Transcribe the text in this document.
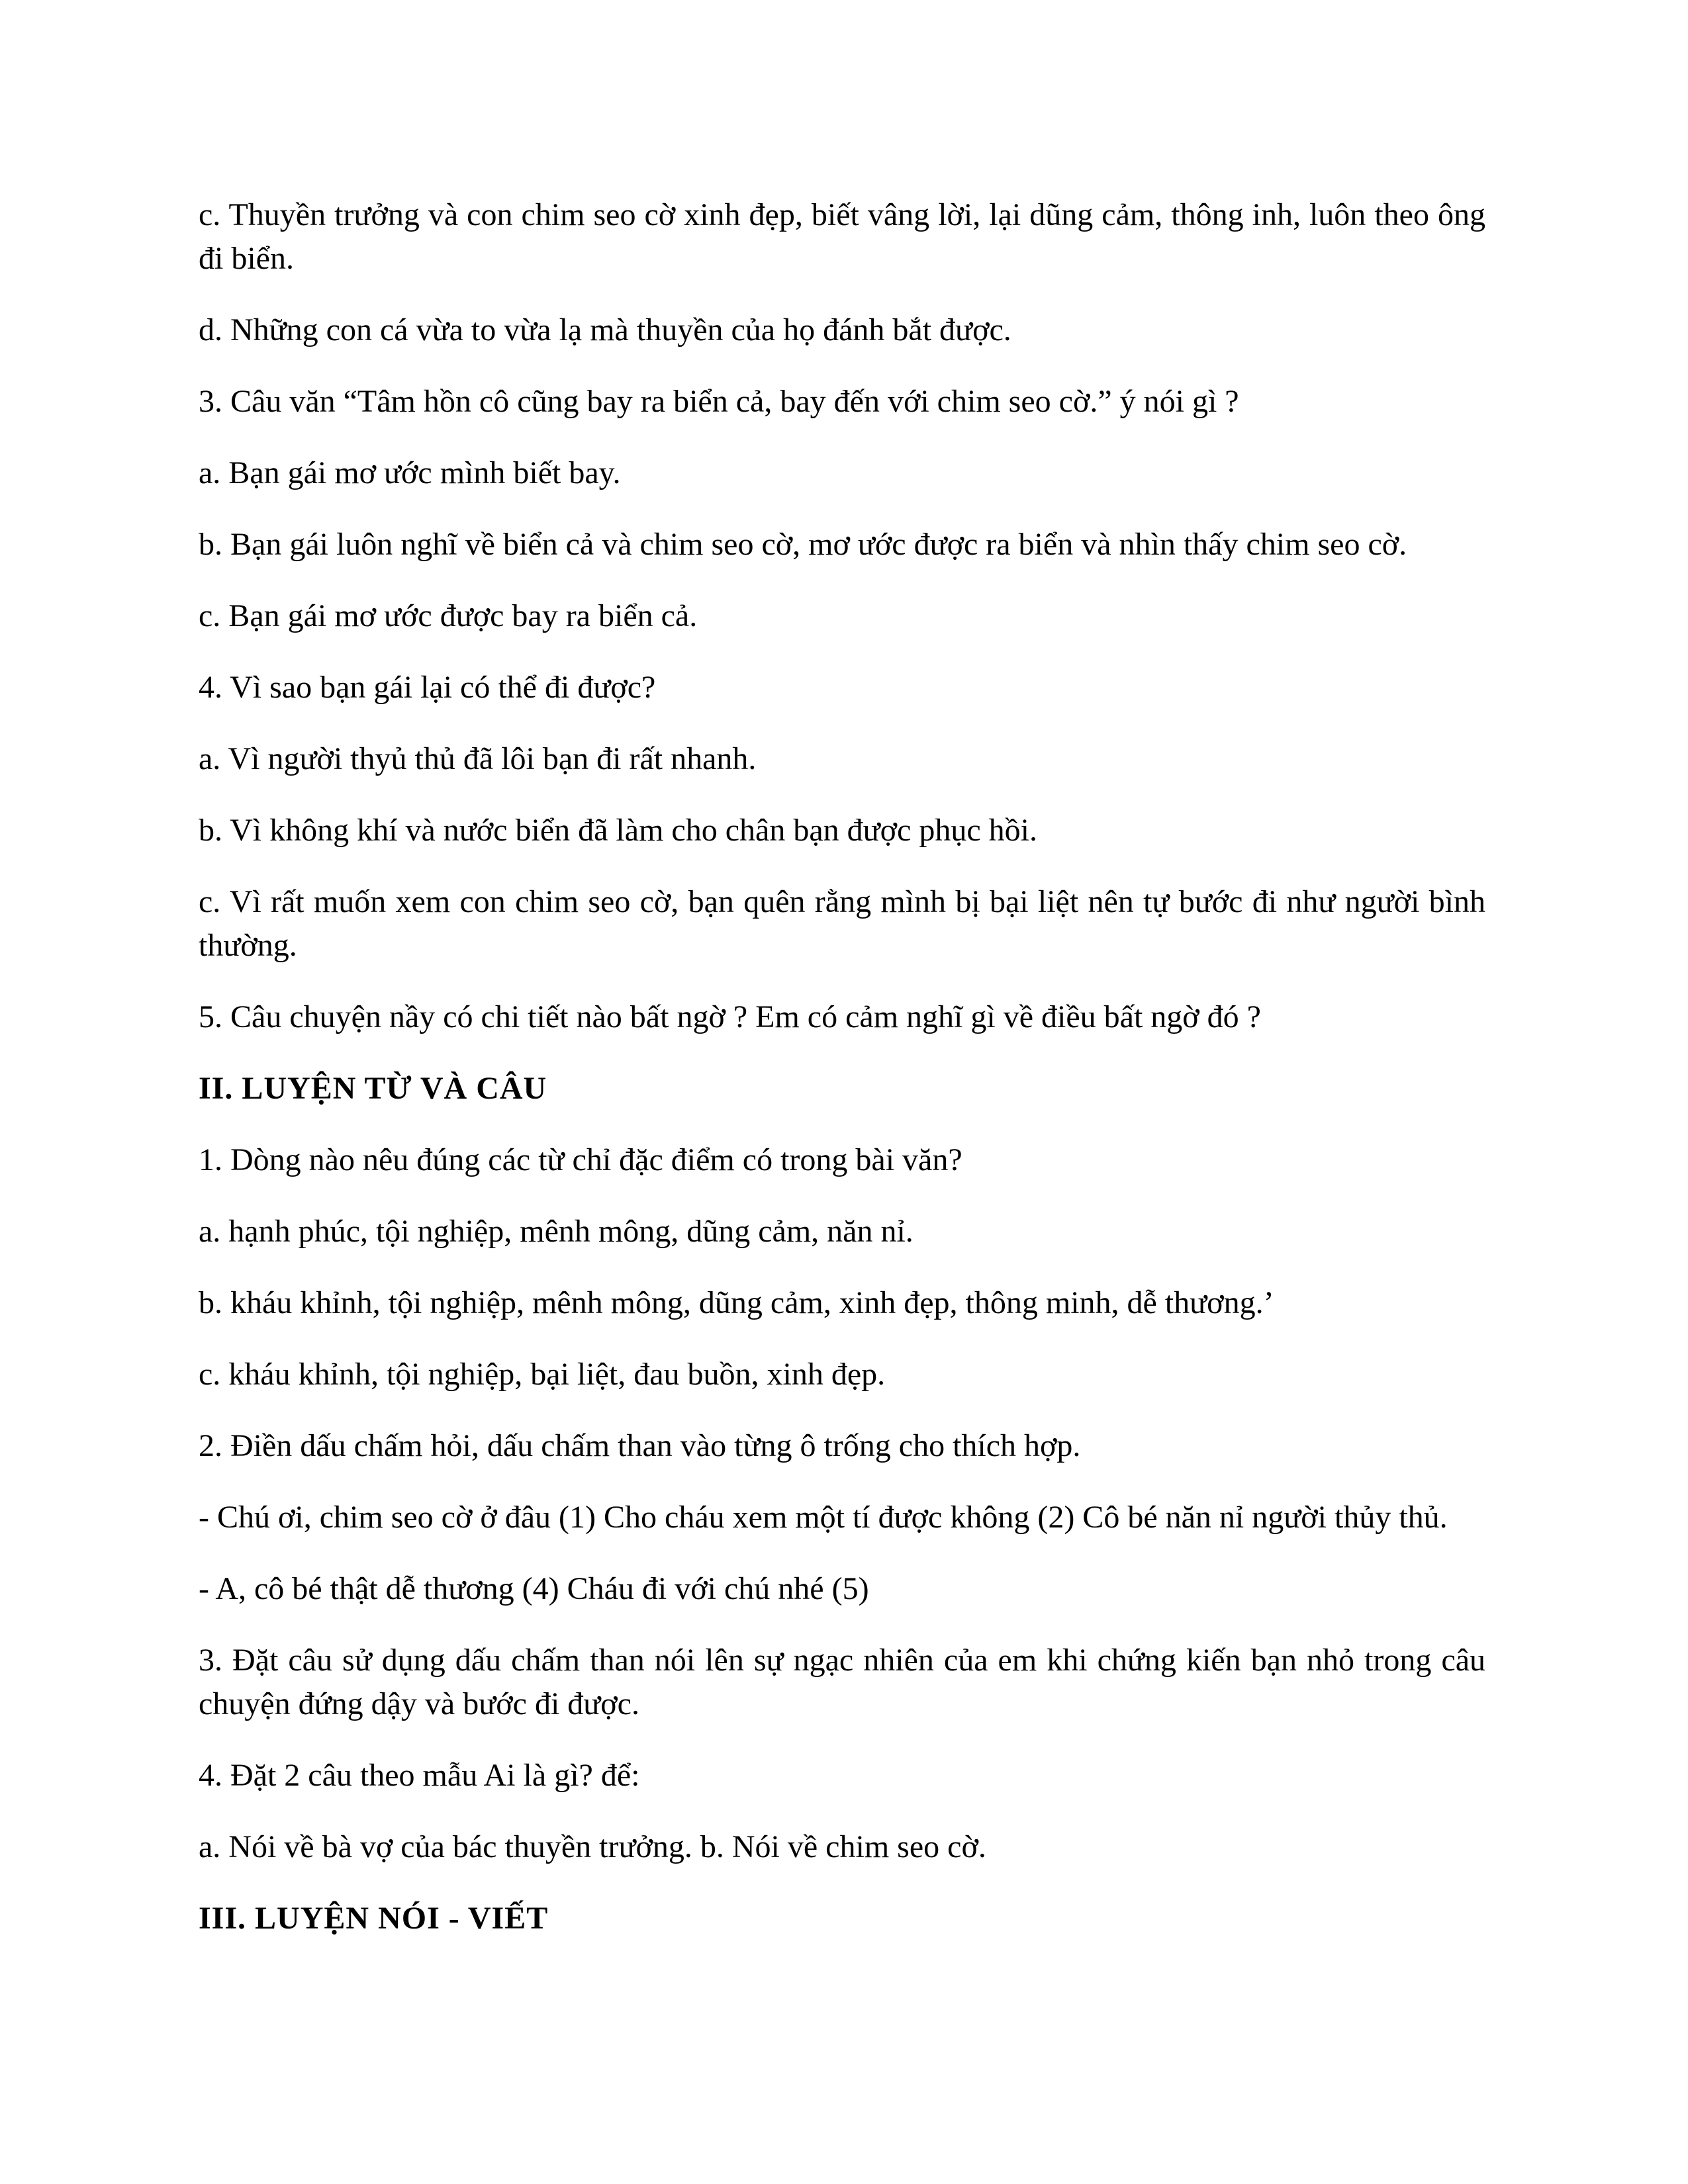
c. Thuyền trưởng và con chim seo cờ xinh đẹp, biết vâng lời, lại dũng cảm, thông inh, luôn theo ông đi biển.

d. Những con cá vừa to vừa lạ mà thuyền của họ đánh bắt được.

3. Câu văn “Tâm hồn cô cũng bay ra biển cả, bay đến với chim seo cờ.” ý nói gì ?

a. Bạn gái mơ ước mình biết bay.

b. Bạn gái luôn nghĩ về biển cả và chim seo cờ, mơ ước được ra biển và nhìn thấy chim seo cờ.

c. Bạn gái mơ ước được bay ra biển cả.

4. Vì sao bạn gái lại có thể đi được?

a. Vì người thyủ thủ đã lôi bạn đi rất nhanh.

b. Vì không khí và nước biển đã làm cho chân bạn được phục hồi.

c. Vì rất muốn xem con chim seo cờ, bạn quên rằng mình bị bại liệt nên tự bước đi như người bình thường.

5. Câu chuyện nầy có chi tiết nào bất ngờ ? Em có cảm nghĩ gì về điều bất ngờ đó ?

II. LUYỆN TỪ VÀ CÂU

1. Dòng nào nêu đúng các từ chỉ đặc điểm có trong bài văn?

a. hạnh phúc, tội nghiệp, mênh mông, dũng cảm, năn nỉ.

b. kháu khỉnh, tội nghiệp, mênh mông, dũng cảm, xinh đẹp, thông minh, dễ thương.’

c. kháu khỉnh, tội nghiệp, bại liệt, đau buồn, xinh đẹp.

2. Điền dấu chấm hỏi, dấu chấm than vào từng ô trống cho thích hợp.

- Chú ơi, chim seo cờ ở đâu (1) Cho cháu xem một tí được không (2) Cô bé năn nỉ người thủy thủ.

- A, cô bé thật dễ thương (4) Cháu đi với chú nhé (5)

3. Đặt câu sử dụng dấu chấm than nói lên sự ngạc nhiên của em khi chứng kiến bạn nhỏ trong câu chuyện đứng dậy và bước đi được.

4. Đặt 2 câu theo mẫu Ai là gì? để:

a. Nói về bà vợ của bác thuyền trưởng. b. Nói về chim seo cờ.

III. LUYỆN NÓI - VIẾT
